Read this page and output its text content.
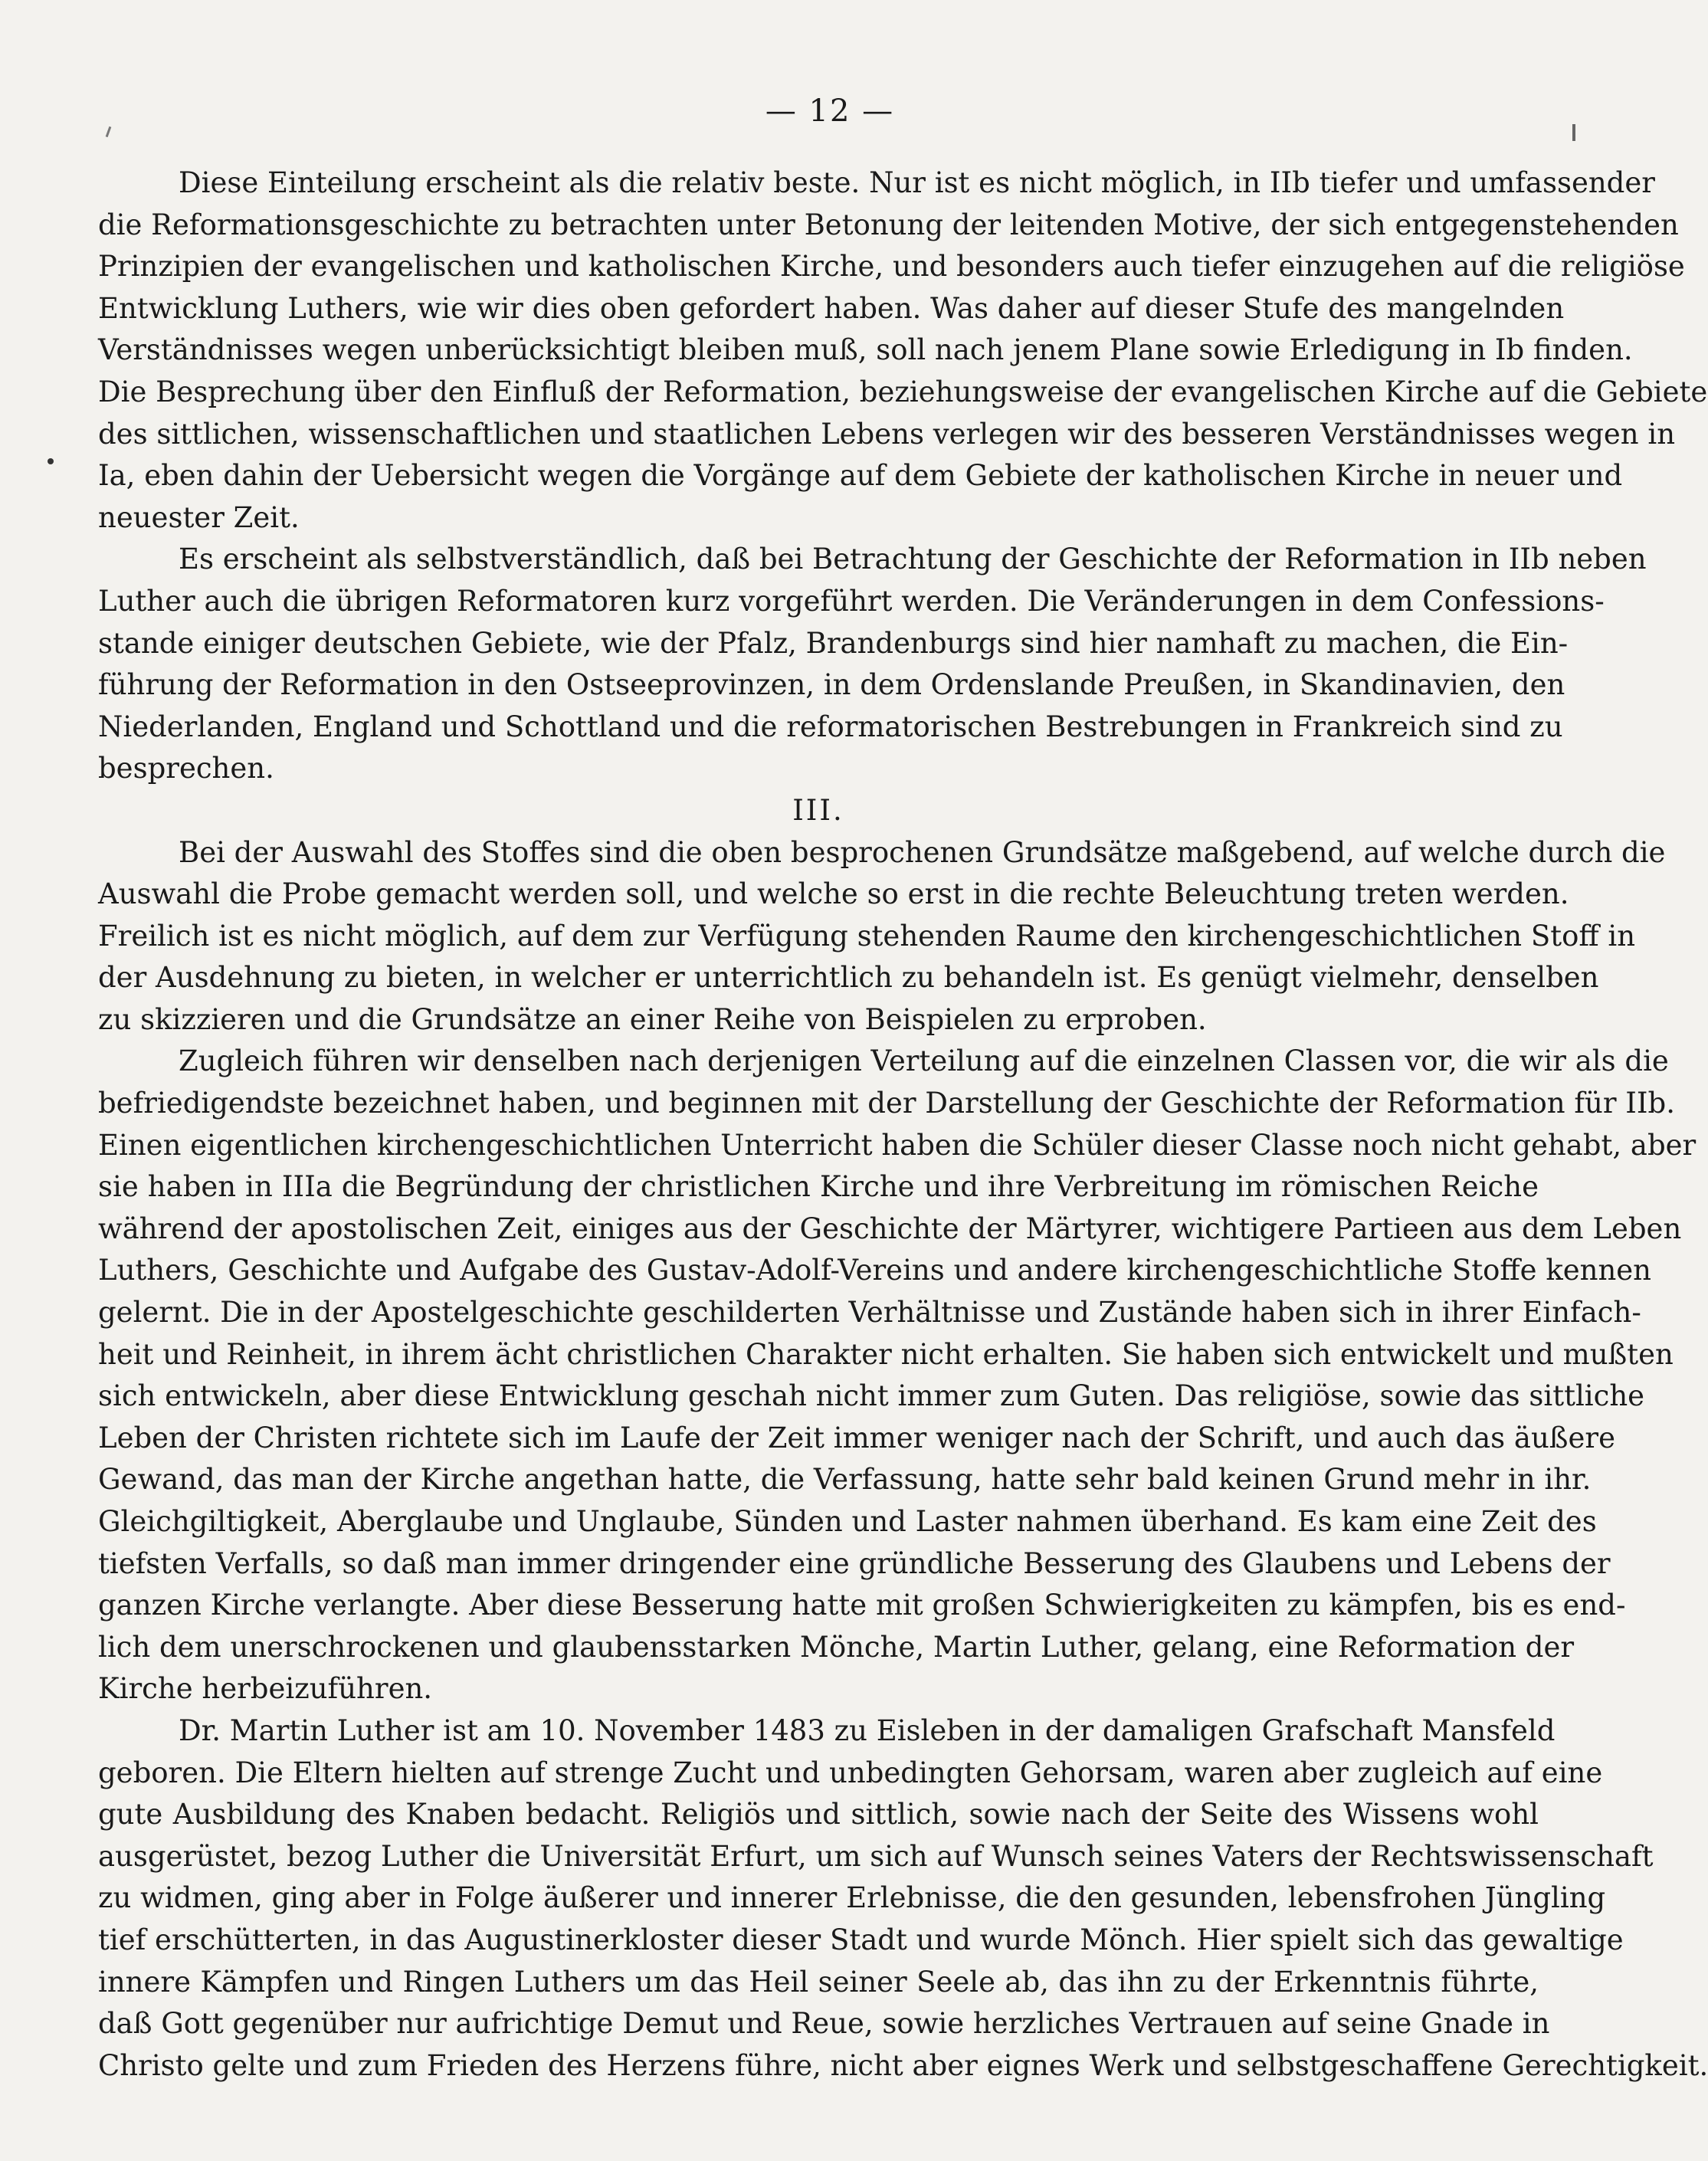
— 12 —
Diese Einteilung erscheint als die relativ beste. Nur ist es nicht möglich, in IIb tiefer und umfassender
die Reformationsgeschichte zu betrachten unter Betonung der leitenden Motive, der sich entgegenstehenden
Prinzipien der evangelischen und katholischen Kirche, und besonders auch tiefer einzugehen auf die religiöse
Entwicklung Luthers, wie wir dies oben gefordert haben. Was daher auf dieser Stufe des mangelnden
Verständnisses wegen unberücksichtigt bleiben muß, soll nach jenem Plane sowie Erledigung in Ib finden.
Die Besprechung über den Einfluß der Reformation, beziehungsweise der evangelischen Kirche auf die Gebiete
des sittlichen, wissenschaftlichen und staatlichen Lebens verlegen wir des besseren Verständnisses wegen in
Ia, eben dahin der Uebersicht wegen die Vorgänge auf dem Gebiete der katholischen Kirche in neuer und
neuester Zeit.
Es erscheint als selbstverständlich, daß bei Betrachtung der Geschichte der Reformation in IIb neben
Luther auch die übrigen Reformatoren kurz vorgeführt werden. Die Veränderungen in dem Confessions-
stande einiger deutschen Gebiete, wie der Pfalz, Brandenburgs sind hier namhaft zu machen, die Ein-
führung der Reformation in den Ostseeprovinzen, in dem Ordenslande Preußen, in Skandinavien, den
Niederlanden, England und Schottland und die reformatorischen Bestrebungen in Frankreich sind zu
besprechen.
III.
Bei der Auswahl des Stoffes sind die oben besprochenen Grundsätze maßgebend, auf welche durch die
Auswahl die Probe gemacht werden soll, und welche so erst in die rechte Beleuchtung treten werden.
Freilich ist es nicht möglich, auf dem zur Verfügung stehenden Raume den kirchengeschichtlichen Stoff in
der Ausdehnung zu bieten, in welcher er unterrichtlich zu behandeln ist. Es genügt vielmehr, denselben
zu skizzieren und die Grundsätze an einer Reihe von Beispielen zu erproben.
Zugleich führen wir denselben nach derjenigen Verteilung auf die einzelnen Classen vor, die wir als die
befriedigendste bezeichnet haben, und beginnen mit der Darstellung der Geschichte der Reformation für IIb.
Einen eigentlichen kirchengeschichtlichen Unterricht haben die Schüler dieser Classe noch nicht gehabt, aber
sie haben in IIIa die Begründung der christlichen Kirche und ihre Verbreitung im römischen Reiche
während der apostolischen Zeit, einiges aus der Geschichte der Märtyrer, wichtigere Partieen aus dem Leben
Luthers, Geschichte und Aufgabe des Gustav-Adolf-Vereins und andere kirchengeschichtliche Stoffe kennen
gelernt. Die in der Apostelgeschichte geschilderten Verhältnisse und Zustände haben sich in ihrer Einfach-
heit und Reinheit, in ihrem ächt christlichen Charakter nicht erhalten. Sie haben sich entwickelt und mußten
sich entwickeln, aber diese Entwicklung geschah nicht immer zum Guten. Das religiöse, sowie das sittliche
Leben der Christen richtete sich im Laufe der Zeit immer weniger nach der Schrift, und auch das äußere
Gewand, das man der Kirche angethan hatte, die Verfassung, hatte sehr bald keinen Grund mehr in ihr.
Gleichgiltigkeit, Aberglaube und Unglaube, Sünden und Laster nahmen überhand. Es kam eine Zeit des
tiefsten Verfalls, so daß man immer dringender eine gründliche Besserung des Glaubens und Lebens der
ganzen Kirche verlangte. Aber diese Besserung hatte mit großen Schwierigkeiten zu kämpfen, bis es end-
lich dem unerschrockenen und glaubensstarken Mönche, Martin Luther, gelang, eine Reformation der
Kirche herbeizuführen.
Dr. Martin Luther ist am 10. November 1483 zu Eisleben in der damaligen Grafschaft Mansfeld
geboren. Die Eltern hielten auf strenge Zucht und unbedingten Gehorsam, waren aber zugleich auf eine
gute Ausbildung des Knaben bedacht. Religiös und sittlich, sowie nach der Seite des Wissens wohl
ausgerüstet, bezog Luther die Universität Erfurt, um sich auf Wunsch seines Vaters der Rechtswissenschaft
zu widmen, ging aber in Folge äußerer und innerer Erlebnisse, die den gesunden, lebensfrohen Jüngling
tief erschütterten, in das Augustinerkloster dieser Stadt und wurde Mönch. Hier spielt sich das gewaltige
innere Kämpfen und Ringen Luthers um das Heil seiner Seele ab, das ihn zu der Erkenntnis führte,
daß Gott gegenüber nur aufrichtige Demut und Reue, sowie herzliches Vertrauen auf seine Gnade in
Christo gelte und zum Frieden des Herzens führe, nicht aber eignes Werk und selbstgeschaffene Gerechtigkeit.
